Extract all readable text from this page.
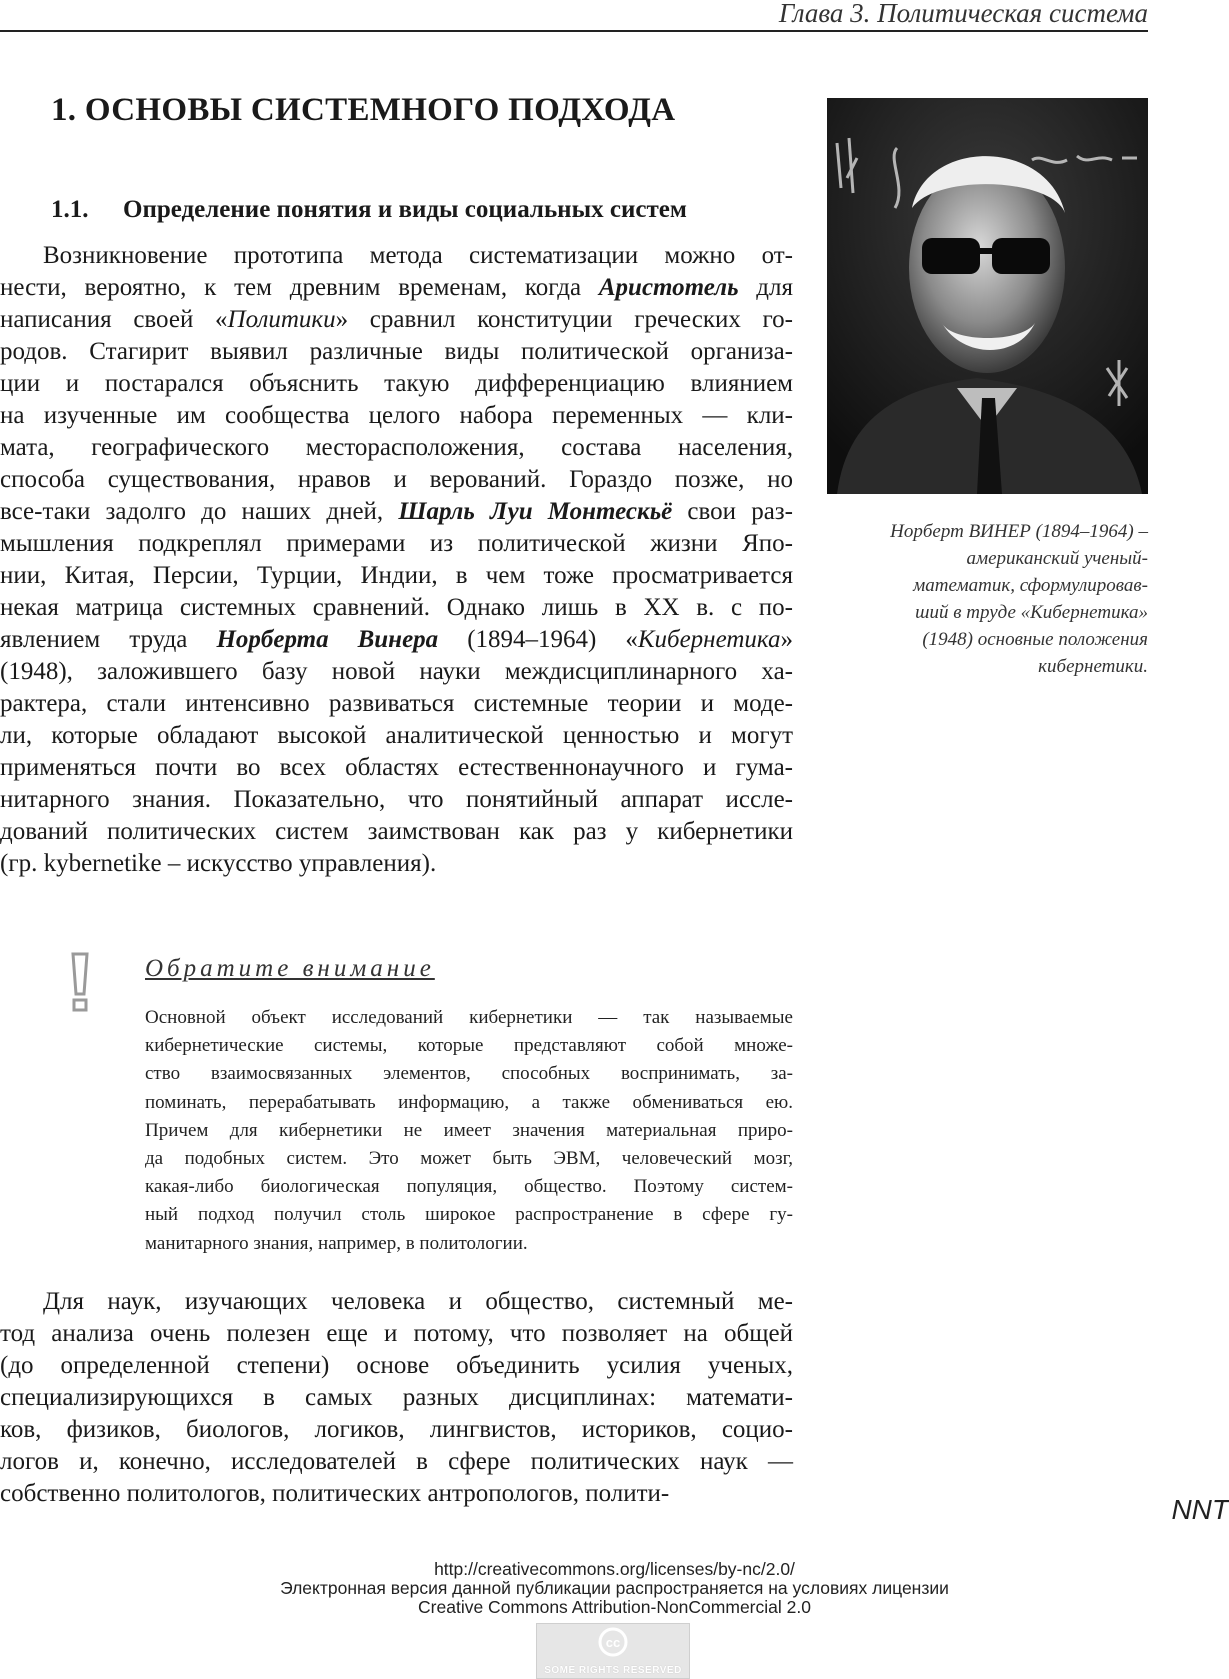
Глава 3. Политическая система
1. ОСНОВЫ СИСТЕМНОГО ПОДХОДА
1.1. Определение понятия и виды социальных систем
Возникновение прототипа метода систематизации можно от-
нести, вероятно, к тем древним временам, когда Аристотель для
написания своей «Политики» сравнил конституции греческих го-
родов. Стагирит выявил различные виды политической организа-
ции и постарался объяснить такую дифференциацию влиянием
на изученные им сообщества целого набора переменных — кли-
мата, географического месторасположения, состава населения,
способа существования, нравов и верований. Гораздо позже, но
все-таки задолго до наших дней, Шарль Луи Монтескьё свои раз-
мышления подкреплял примерами из политической жизни Япо-
нии, Китая, Персии, Турции, Индии, в чем тоже просматривается
некая матрица системных сравнений. Однако лишь в XX в. с по-
явлением труда Норберта Винера (1894–1964) «Кибернетика»
(1948), заложившего базу новой науки междисциплинарного ха-
рактера, стали интенсивно развиваться системные теории и моде-
ли, которые обладают высокой аналитической ценностью и могут
применяться почти во всех областях естественнонаучного и гума-
нитарного знания. Показательно, что понятийный аппарат иссле-
дований политических систем заимствован как раз у кибернетики
(гр. kybernetike – искусство управления).
Норберт ВИНЕР (1894–1964) –
американский ученый-
математик, сформулировав-
ший в труде «Кибернетика»
(1948) основные положения
кибернетики.
Обратите внимание
Основной объект исследований кибернетики — так называемые
кибернетические системы, которые представляют собой множе-
ство взаимосвязанных элементов, способных воспринимать, за-
поминать, перерабатывать информацию, а также обмениваться ею.
Причем для кибернетики не имеет значения материальная приро-
да подобных систем. Это может быть ЭВМ, человеческий мозг,
какая-либо биологическая популяция, общество. Поэтому систем-
ный подход получил столь широкое распространение в сфере гу-
манитарного знания, например, в политологии.
Для наук, изучающих человека и общество, системный ме-
тод анализа очень полезен еще и потому, что позволяет на общей
(до определенной степени) основе объединить усилия ученых,
специализирующихся в самых разных дисциплинах: математи-
ков, физиков, биологов, логиков, лингвистов, историков, социо-
логов и, конечно, исследователей в сфере политических наук —
собственно политологов, политических антропологов, полити-
NNT
http://creativecommons.org/licenses/by-nc/2.0/
Электронная версия данной публикации распространяется на условиях лицензии
Creative Commons Attribution-NonCommercial 2.0
cc
SOME RIGHTS RESERVED
